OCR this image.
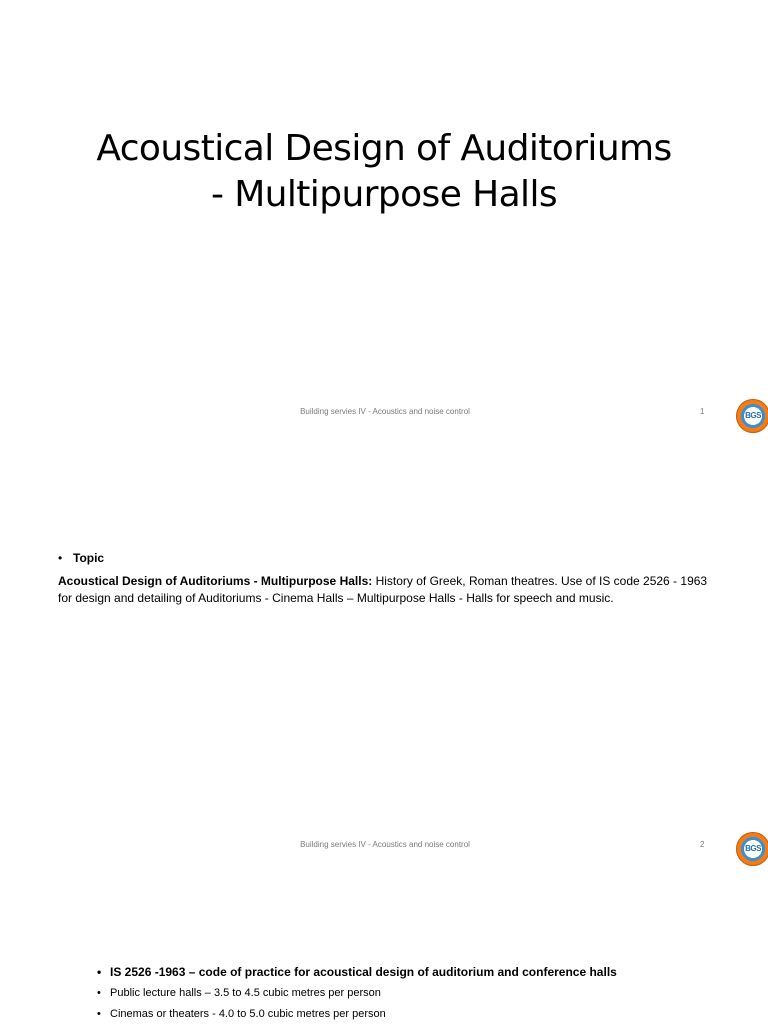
Acoustical Design of Auditoriums
- Multipurpose Halls
Building servies IV - Acoustics and noise control	1	BGS
• Topic
Acoustical Design of Auditoriums - Multipurpose Halls: History of Greek, Roman theatres. Use of IS code 2526 - 1963 for design and detailing of Auditoriums - Cinema Halls – Multipurpose Halls - Halls for speech and music.
Building servies IV - Acoustics and noise control	2	BGS
• IS 2526 -1963 – code of practice for acoustical design of auditorium and conference halls
• Public lecture halls – 3.5 to 4.5 cubic metres per person
• Cinemas or theaters - 4.0 to 5.0 cubic metres per person
